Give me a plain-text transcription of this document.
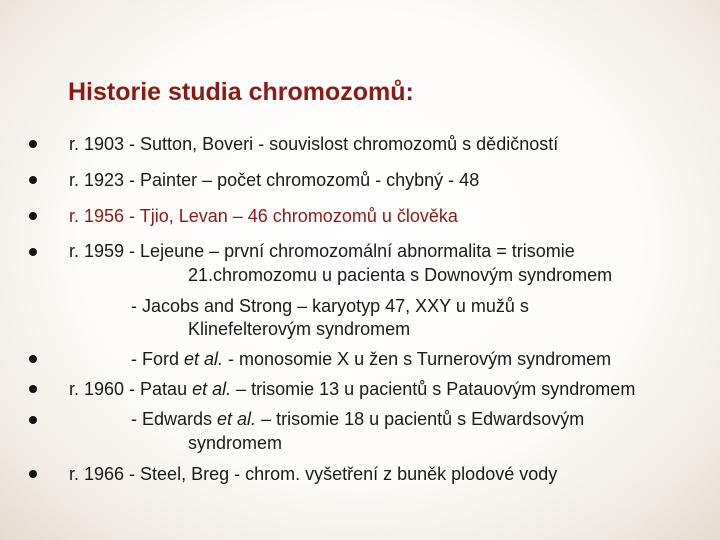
Historie studia chromozomů:
r. 1903 - Sutton, Boveri - souvislost chromozomů s dědičností
r. 1923 - Painter – počet chromozomů - chybný - 48
r. 1956 - Tjio, Levan – 46 chromozomů u člověka
r. 1959 - Lejeune – první chromozomální abnormalita = trisomie
21.chromozomu u pacienta s Downovým syndromem
- Jacobs and Strong – karyotyp 47, XXY u mužů s
Klinefelterovým syndromem
- Ford et al. - monosomie X u žen s Turnerovým syndromem
r. 1960 - Patau et al. – trisomie 13 u pacientů s Patauovým syndromem
- Edwards et al. – trisomie 18 u pacientů s Edwardsovým
syndromem
r. 1966 - Steel, Breg - chrom. vyšetření z buněk plodové vody
